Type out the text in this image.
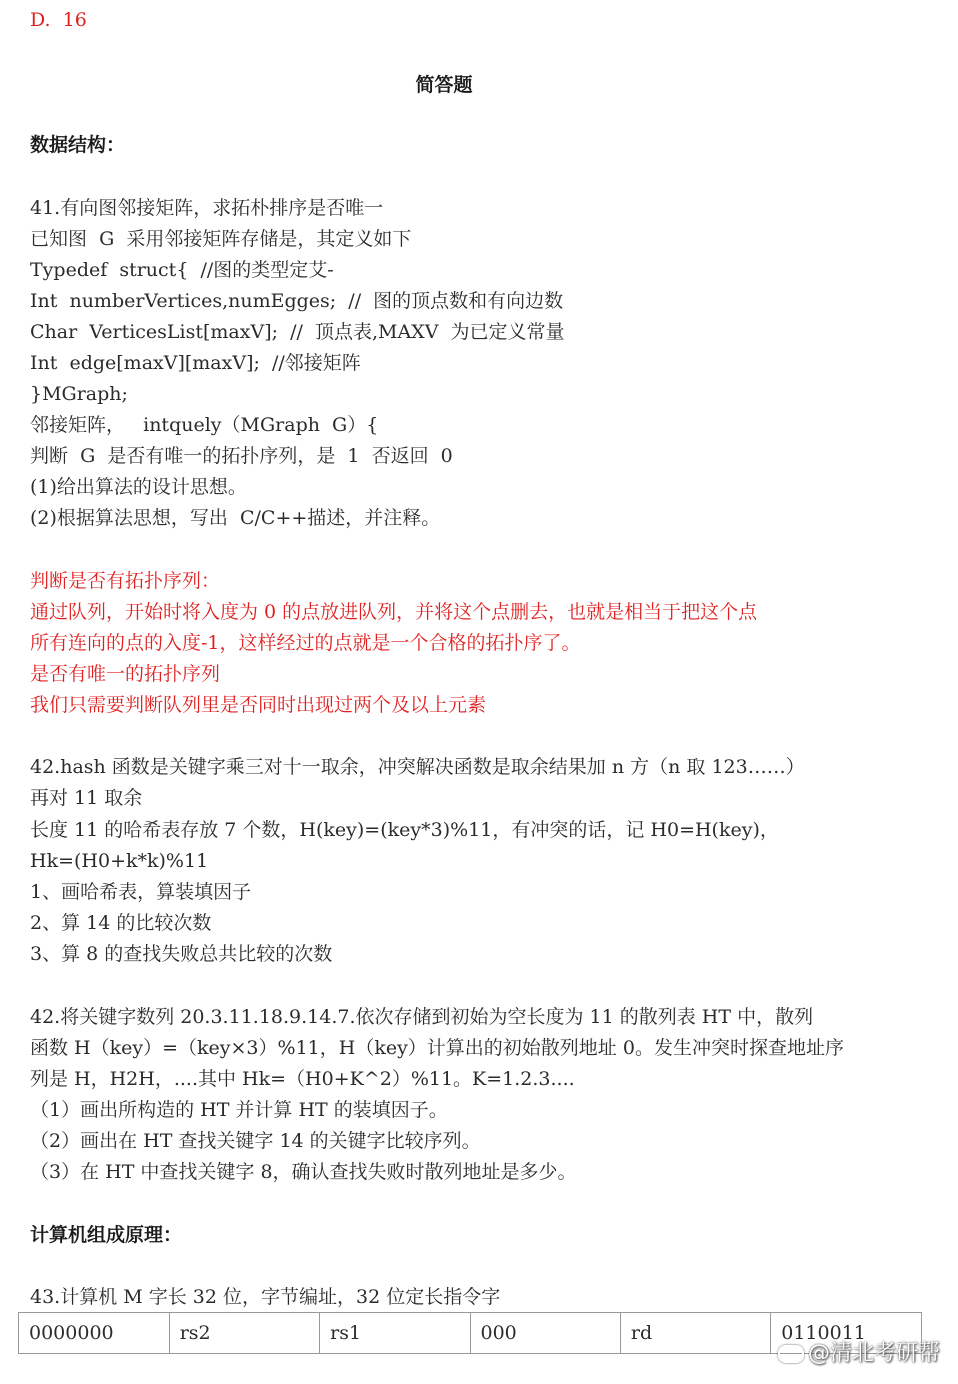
D.  16
简答题
数据结构：
41.有向图邻接矩阵，求拓朴排序是否唯一
已知图  G  采用邻接矩阵存储是，其定义如下
Typedef  struct{  //图的类型定艾-
Int  numberVertices,numEgges;  //  图的顶点数和有向边数
Char  VerticesList[maxV];  //  顶点表,MAXV  为已定义常量
Int  edge[maxV][maxV];  //邻接矩阵
}MGraph;
邻接矩阵，   intquely（MGraph  G）{
判断  G  是否有唯一的拓扑序列，是  1  否返回  0
(1)给出算法的设计思想。
(2)根据算法思想，写出  C/C++描述，并注释。
判断是否有拓扑序列：
通过队列，开始时将入度为 0 的点放进队列，并将这个点删去，也就是相当于把这个点
所有连向的点的入度-1，这样经过的点就是一个合格的拓扑序了。
是否有唯一的拓扑序列
我们只需要判断队列里是否同时出现过两个及以上元素
42.hash 函数是关键字乘三对十一取余，冲突解决函数是取余结果加 n 方（n 取 123……）
再对 11 取余
长度 11 的哈希表存放 7 个数，H(key)=(key*3)%11，有冲突的话，记 H0=H(key)，
Hk=(H0+k*k)%11
1、画哈希表，算装填因子
2、算 14 的比较次数
3、算 8 的查找失败总共比较的次数
42.将关键字数列 20.3.11.18.9.14.7.依次存储到初始为空长度为 11 的散列表 HT 中，散列
函数 H（key）=（key×3）%11，H（key）计算出的初始散列地址 0。发生冲突时探查地址序
列是 H，H2H，....其中 Hk=（H0+K^2）%11。K=1.2.3....
（1）画出所构造的 HT 并计算 HT 的装填因子。
（2）画出在 HT 查找关键字 14 的关键字比较序列。
（3）在 HT 中查找关键字 8，确认查找失败时散列地址是多少。
计算机组成原理：
43.计算机 M 字长 32 位，字节编址，32 位定长指令字
0000000	rs2	rs1	000	rd	0110011
@清北考研帮
